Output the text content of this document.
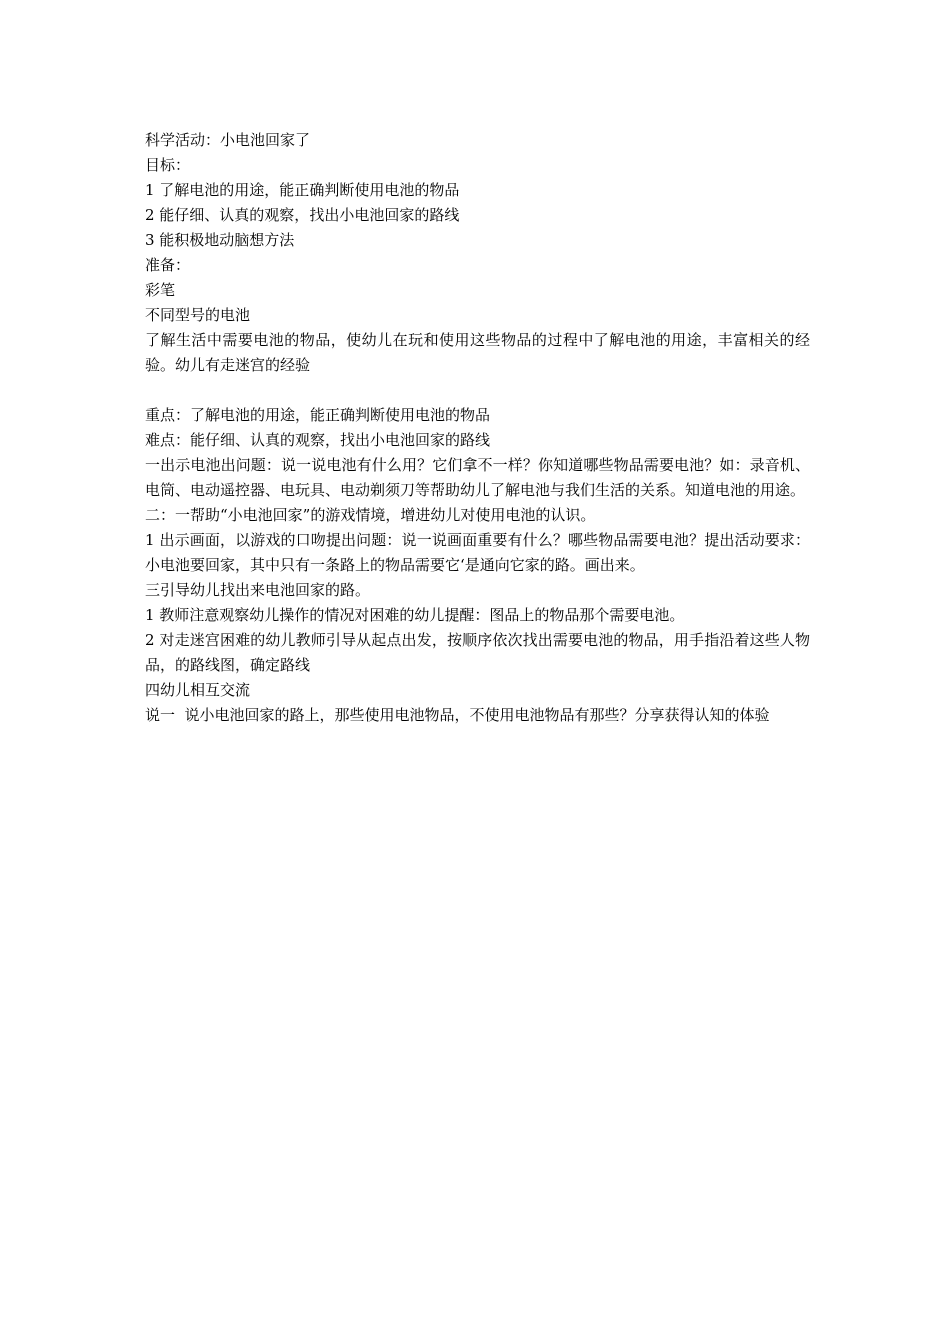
科学活动：小电池回家了

目标：

1 了解电池的用途，能正确判断使用电池的物品

2 能仔细、认真的观察，找出小电池回家的路线

3 能积极地动脑想方法

准备：

彩笔

不同型号的电池

了解生活中需要电池的物品，使幼儿在玩和使用这些物品的过程中了解电池的用途，丰富相关的经验。幼儿有走迷宫的经验

重点：了解电池的用途，能正确判断使用电池的物品

难点：能仔细、认真的观察，找出小电池回家的路线

一出示电池出问题：说一说电池有什么用？它们拿不一样？你知道哪些物品需要电池？如：录音机、电筒、电动遥控器、电玩具、电动剃须刀等帮助幼儿了解电池与我们生活的关系。知道电池的用途。

二：一帮助“小电池回家”的游戏情境，增进幼儿对使用电池的认识。

1 出示画面，以游戏的口吻提出问题：说一说画面重要有什么？哪些物品需要电池？提出活动要求：小电池要回家，其中只有一条路上的物品需要它‘是通向它家的路。画出来。

三引导幼儿找出来电池回家的路。

1 教师注意观察幼儿操作的情况对困难的幼儿提醒：图品上的物品那个需要电池。

2 对走迷宫困难的幼儿教师引导从起点出发，按顺序依次找出需要电池的物品，用手指沿着这些人物品，的路线图，确定路线

四幼儿相互交流

说一  说小电池回家的路上，那些使用电池物品，不使用电池物品有那些？分享获得认知的体验
